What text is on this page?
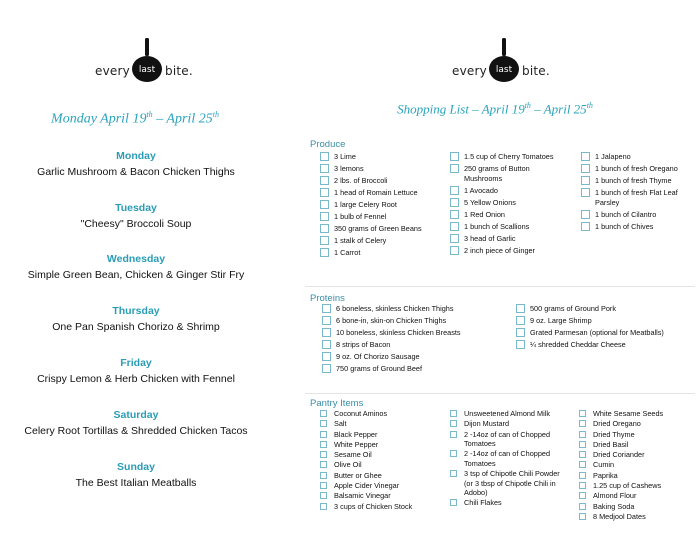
every last bite.	every last bite.
Monday April 19th – April 25th	Shopping List – April 19th – April 25th
Monday
Garlic Mushroom & Bacon Chicken Thighs
Tuesday
"Cheesy" Broccoli Soup
Wednesday
Simple Green Bean, Chicken & Ginger Stir Fry
Thursday
One Pan Spanish Chorizo & Shrimp
Friday
Crispy Lemon & Herb Chicken with Fennel
Saturday
Celery Root Tortillas & Shredded Chicken Tacos
Sunday
The Best Italian Meatballs
Produce
3 Lime
3 lemons
2 lbs. of Broccoli
1 head of Romain Lettuce
1 large Celery Root
1 bulb of Fennel
350 grams of Green Beans
1 stalk of Celery
1 Carrot
1.5 cup of Cherry Tomatoes
250 grams of Button Mushrooms
1 Avocado
5 Yellow Onions
1 Red Onion
1 bunch of Scallions
3 head of Garlic
2 inch piece of Ginger
1 Jalapeno
1 bunch of fresh Oregano
1 bunch of fresh Thyme
1 bunch of fresh Flat Leaf Parsley
1 bunch of Cilantro
1 bunch of Chives
Proteins
6 boneless, skinless Chicken Thighs
6 bone-in, skin-on Chicken Thighs
10 boneless, skinless Chicken Breasts
8 strips of Bacon
9 oz. Of Chorizo Sausage
750 grams of Ground Beef
500 grams of Ground Pork
9 oz. Large Shrimp
Grated Parmesan (optional for Meatballs)
¼ shredded Cheddar Cheese
Pantry Items
Coconut Aminos
Salt
Black Pepper
White Pepper
Sesame Oil
Olive Oil
Butter or Ghee
Apple Cider Vinegar
Balsamic Vinegar
3 cups of Chicken Stock
Unsweetened Almond Milk
Dijon Mustard
2 -14oz of can of Chopped Tomatoes
2 -14oz of can of Chopped Tomatoes
3 tsp of Chipotle Chili Powder (or 3 tbsp of Chipotle Chili in Adobo)
Chili Flakes
White Sesame Seeds
Dried Oregano
Dried Thyme
Dried Basil
Dried Coriander
Cumin
Paprika
1.25 cup of Cashews
Almond Flour
Baking Soda
8 Medjool Dates
